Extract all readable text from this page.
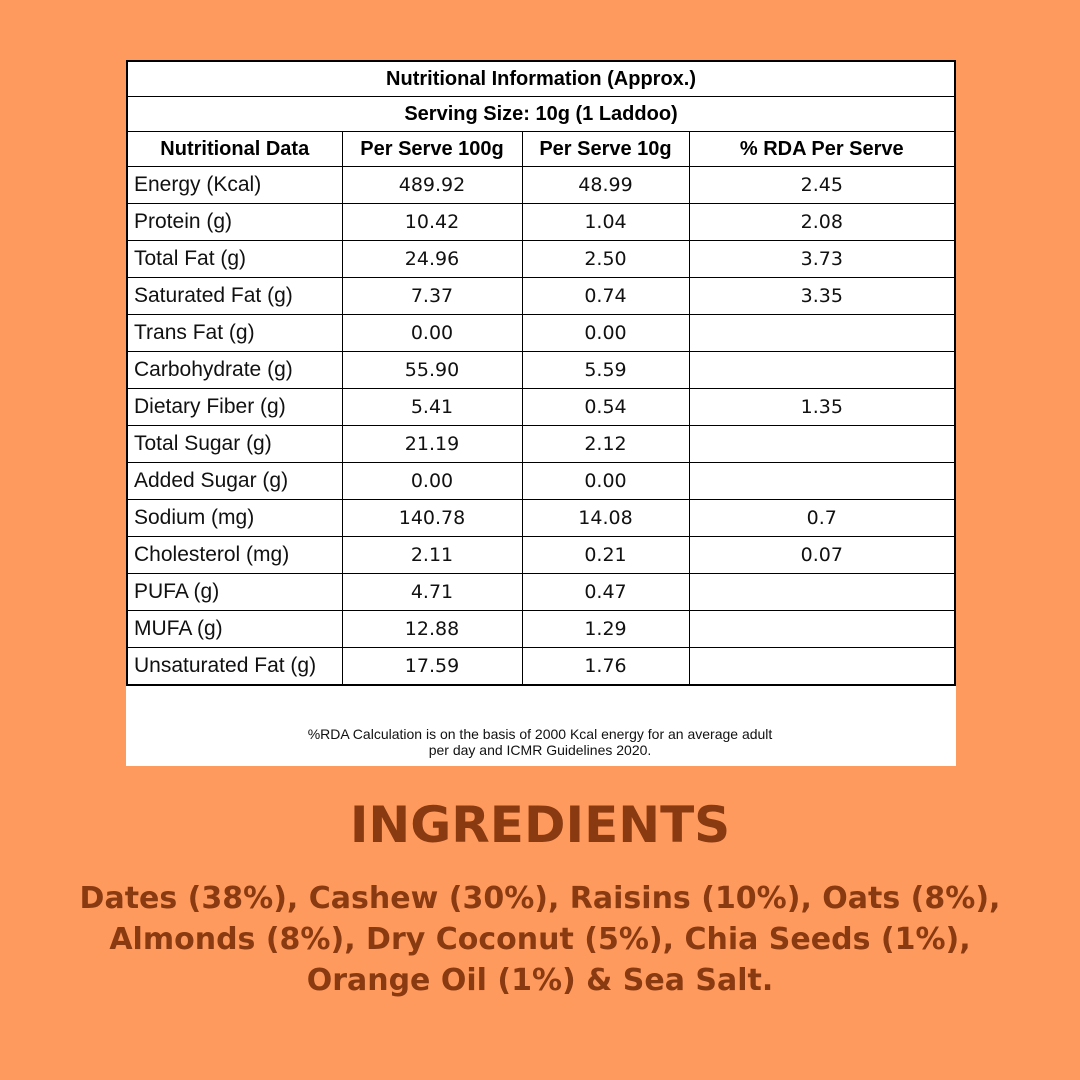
Nutritional Information (Approx.)			
Serving Size: 10g (1 Laddoo)			
Nutritional Data	Per Serve 100g	Per Serve 10g	% RDA Per Serve
Energy (Kcal)	489.92	48.99	2.45
Protein (g)	10.42	1.04	2.08
Total Fat (g)	24.96	2.50	3.73
Saturated Fat (g)	7.37	0.74	3.35
Trans Fat (g)	0.00	0.00	
Carbohydrate (g)	55.90	5.59	
Dietary Fiber (g)	5.41	0.54	1.35
Total Sugar (g)	21.19	2.12	
Added Sugar (g)	0.00	0.00	
Sodium (mg)	140.78	14.08	0.7
Cholesterol (mg)	2.11	0.21	0.07
PUFA (g)	4.71	0.47	
MUFA (g)	12.88	1.29	
Unsaturated Fat (g)	17.59	1.76	
%RDA Calculation is on the basis of 2000 Kcal energy for an average adult
per day and ICMR Guidelines 2020.
INGREDIENTS
Dates (38%), Cashew (30%), Raisins (10%), Oats (8%),
Almonds (8%), Dry Coconut (5%), Chia Seeds (1%),
Orange Oil (1%) & Sea Salt.
